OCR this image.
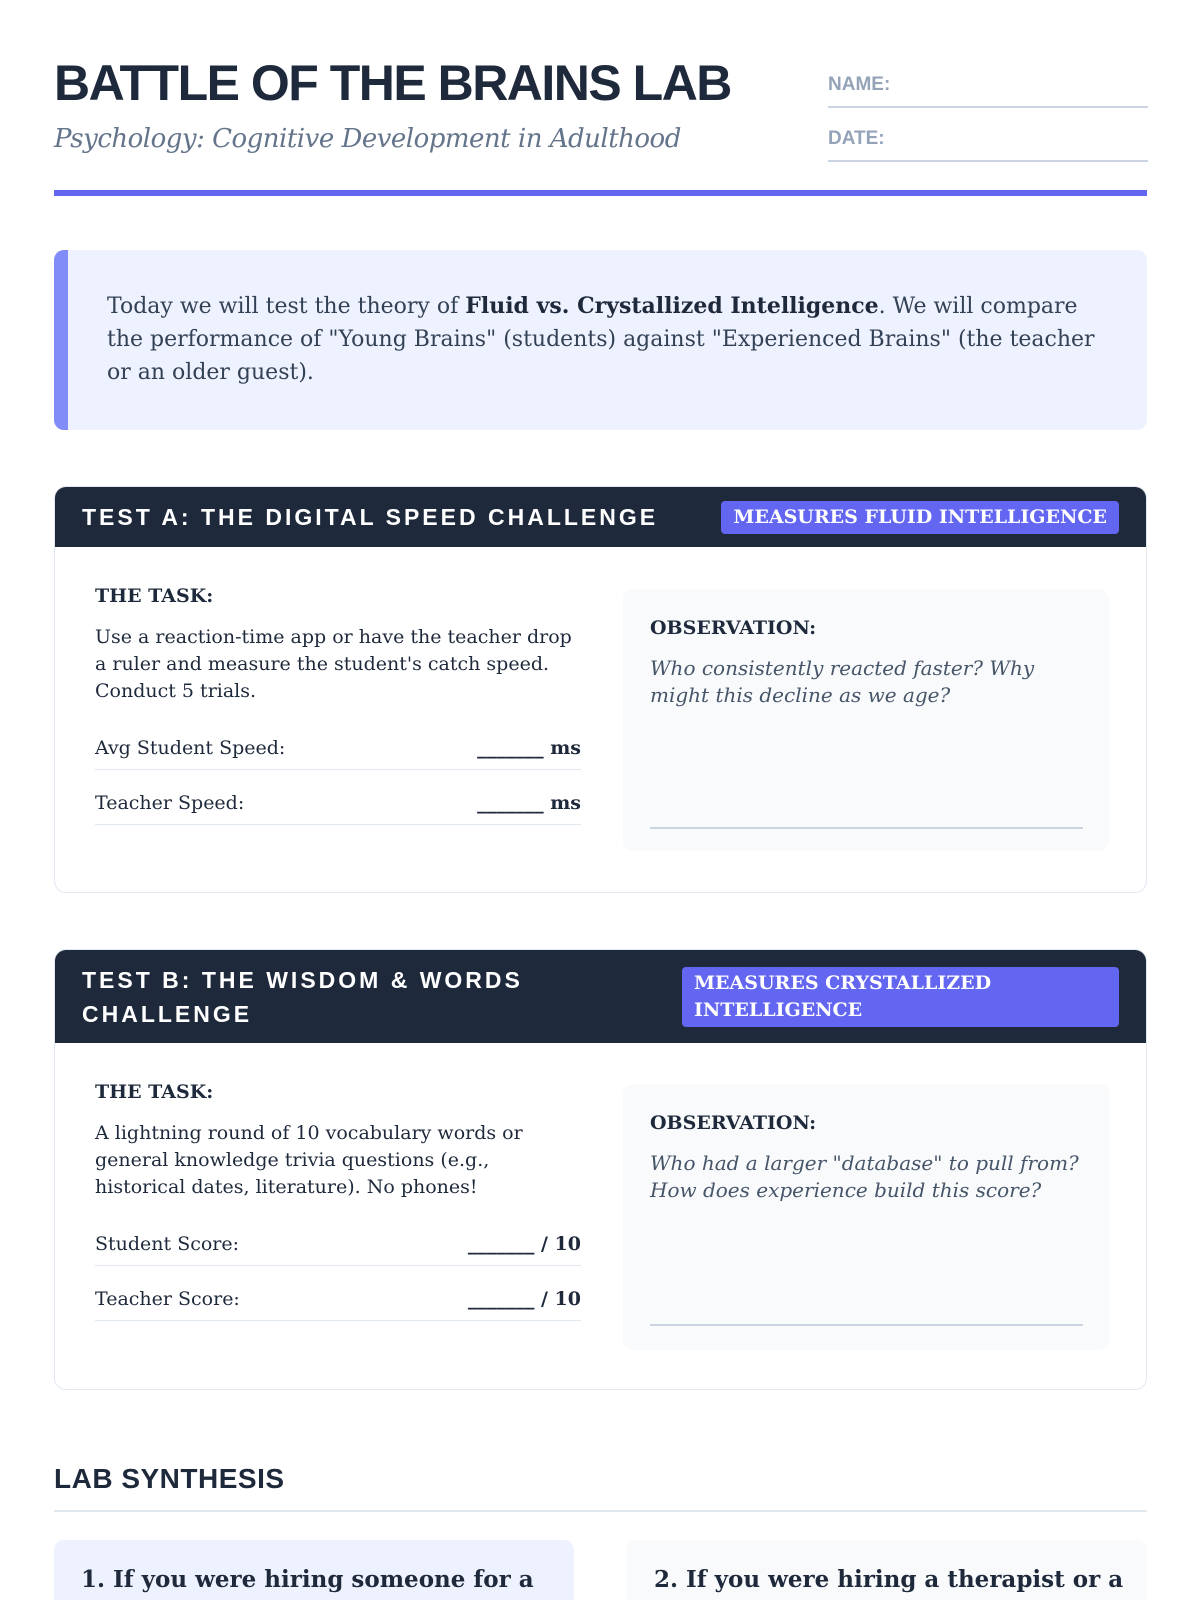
BATTLE OF THE BRAINS LAB
Psychology: Cognitive Development in Adulthood
NAME:
DATE:

Today we will test the theory of Fluid vs. Crystallized Intelligence. We will compare the performance of "Young Brains" (students) against "Experienced Brains" (the teacher or an older guest).

TEST A: THE DIGITAL SPEED CHALLENGE	MEASURES FLUID INTELLIGENCE
THE TASK:
Use a reaction-time app or have the teacher drop a ruler and measure the student's catch speed. Conduct 5 trials.
Avg Student Speed:	_______ ms
Teacher Speed:	_______ ms
OBSERVATION:
Who consistently reacted faster? Why might this decline as we age?
TEST B: THE WISDOM & WORDS CHALLENGE
MEASURES CRYSTALLIZED INTELLIGENCE
THE TASK:
A lightning round of 10 vocabulary words or general knowledge trivia questions (e.g., historical dates, literature). No phones!
Student Score:	_______ / 10
Teacher Score:	_______ / 10
OBSERVATION:
Who had a larger "database" to pull from? How does experience build this score?
LAB SYNTHESIS
1. If you were hiring someone for a	2. If you were hiring a therapist or a
